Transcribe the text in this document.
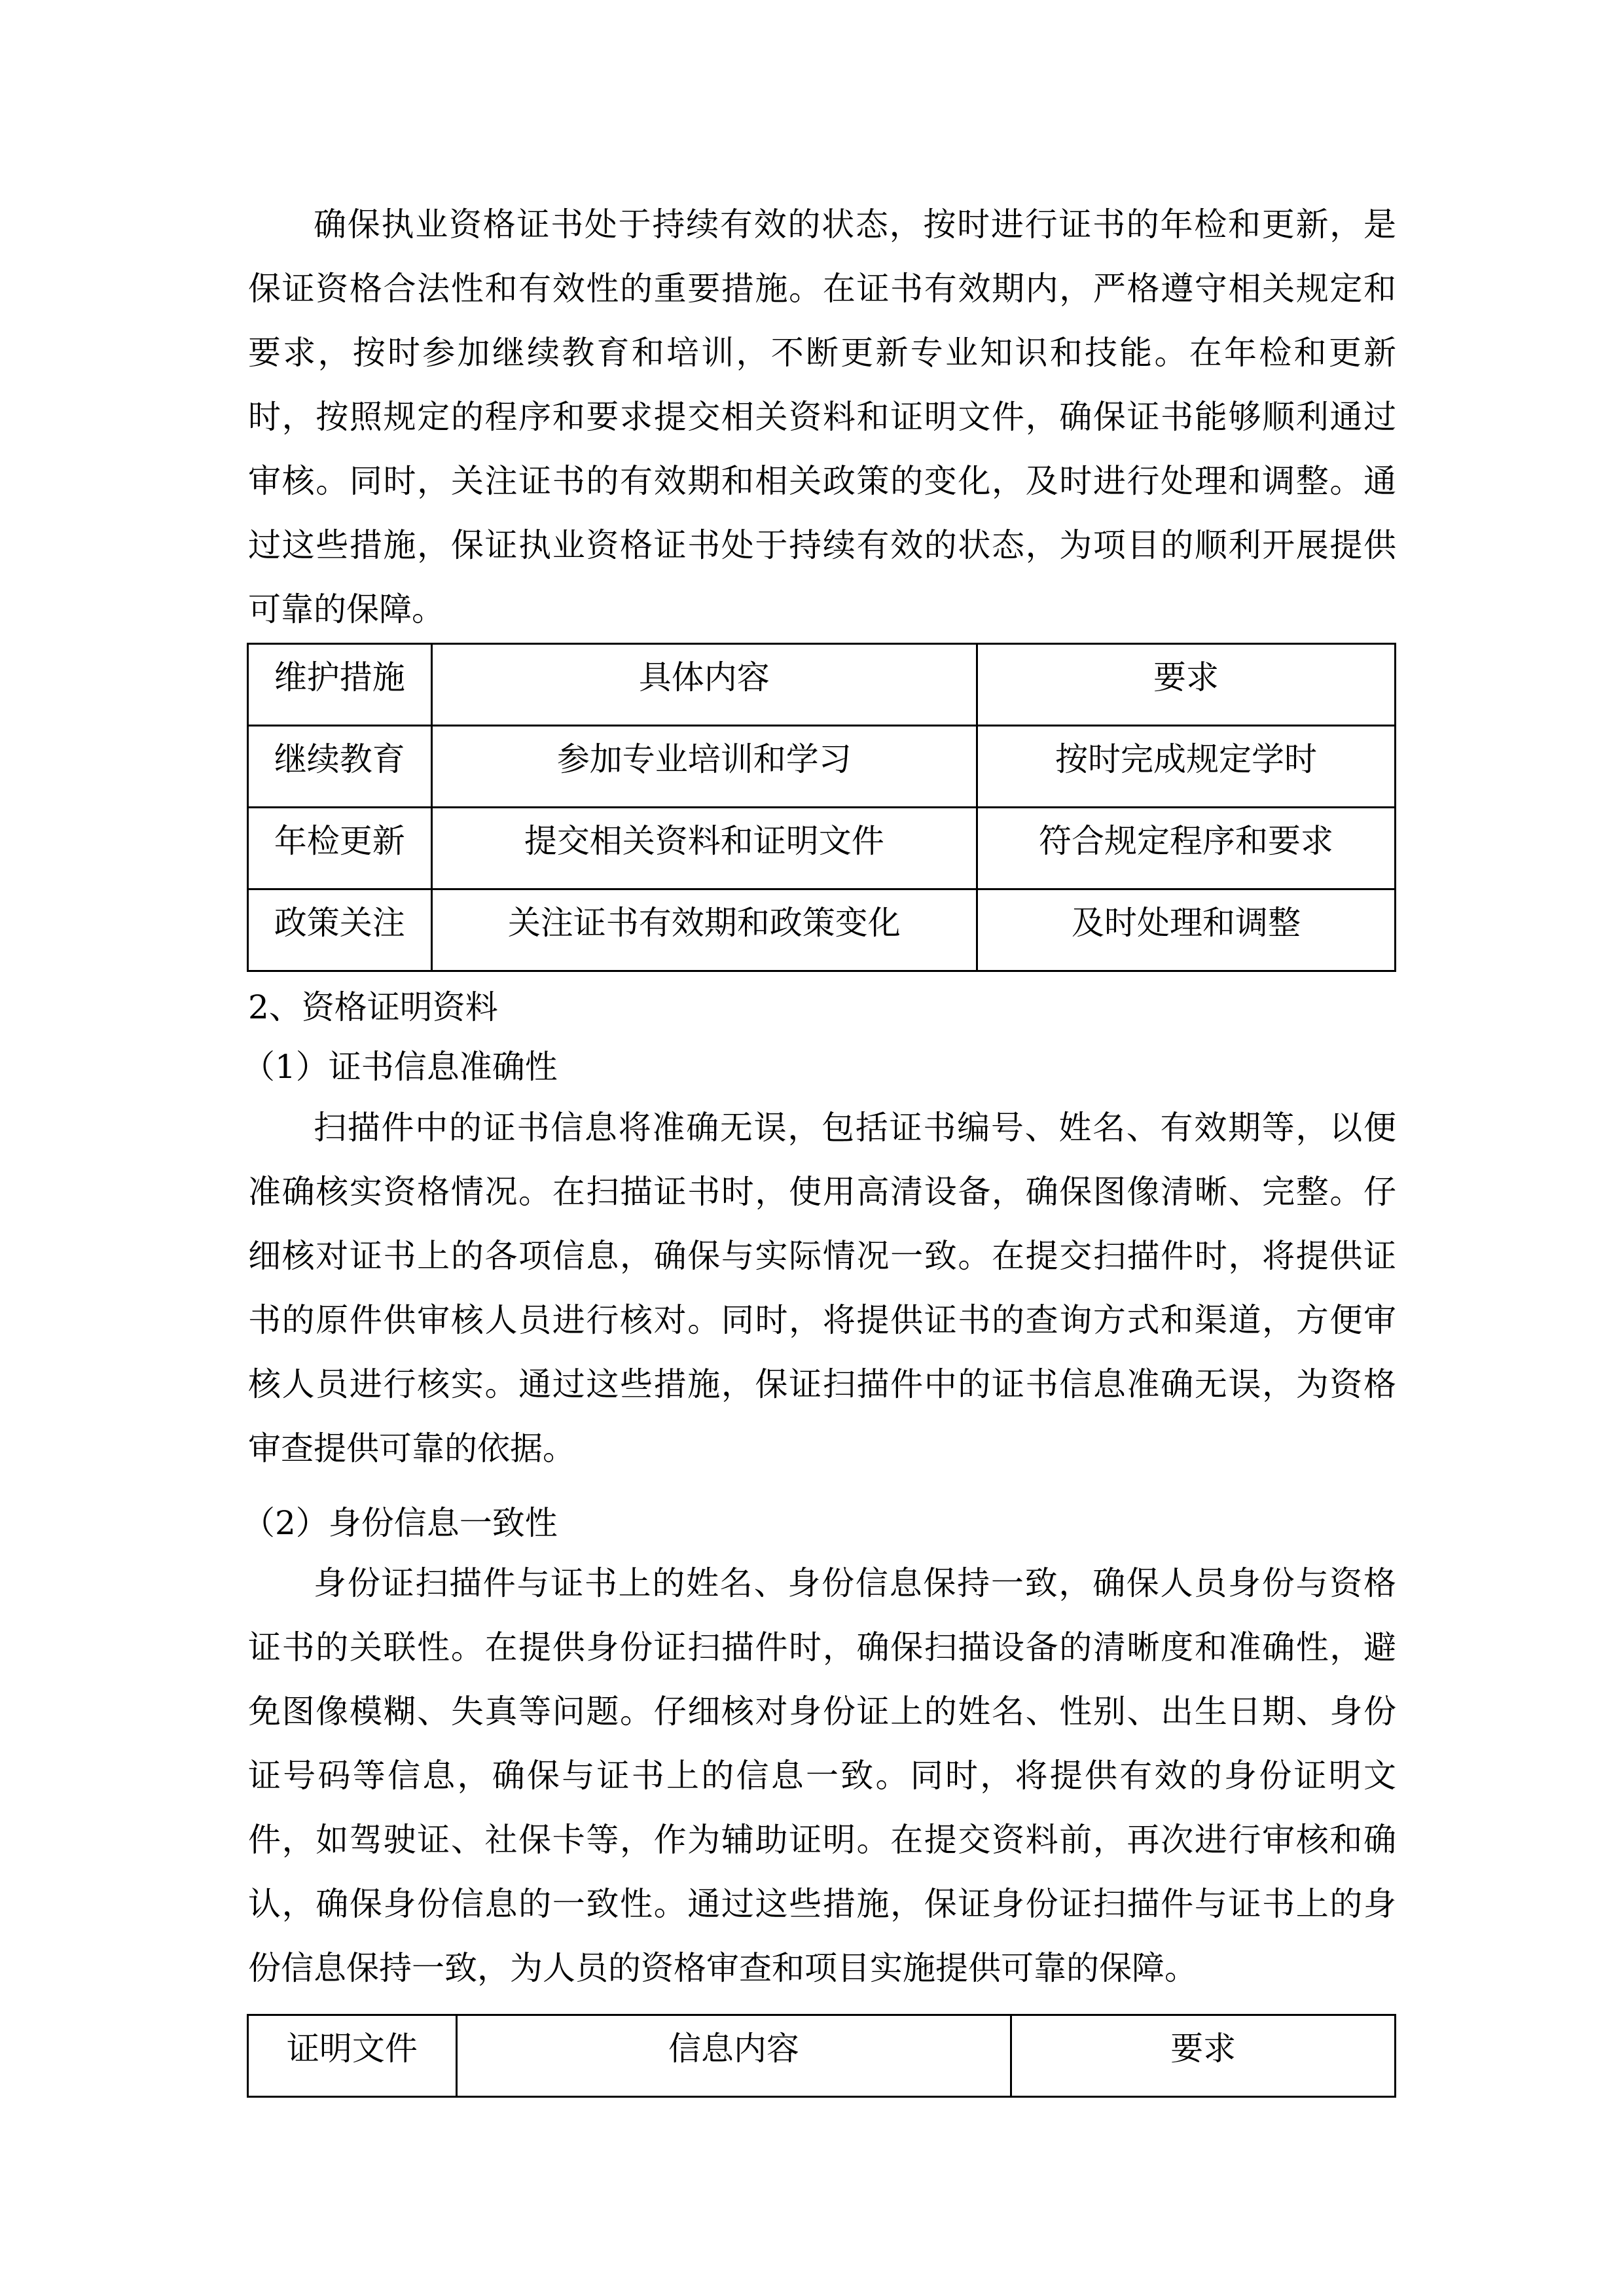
确保执业资格证书处于持续有效的状态，按时进行证书的年检和更新，是
保证资格合法性和有效性的重要措施。在证书有效期内，严格遵守相关规定和
要求，按时参加继续教育和培训，不断更新专业知识和技能。在年检和更新
时，按照规定的程序和要求提交相关资料和证明文件，确保证书能够顺利通过
审核。同时，关注证书的有效期和相关政策的变化，及时进行处理和调整。通
过这些措施，保证执业资格证书处于持续有效的状态，为项目的顺利开展提供
可靠的保障。
维护措施	具体内容	要求
继续教育	参加专业培训和学习	按时完成规定学时
年检更新	提交相关资料和证明文件	符合规定程序和要求
政策关注	关注证书有效期和政策变化	及时处理和调整
2、资格证明资料
（1）证书信息准确性
扫描件中的证书信息将准确无误，包括证书编号、姓名、有效期等，以便
准确核实资格情况。在扫描证书时，使用高清设备，确保图像清晰、完整。仔
细核对证书上的各项信息，确保与实际情况一致。在提交扫描件时，将提供证
书的原件供审核人员进行核对。同时，将提供证书的查询方式和渠道，方便审
核人员进行核实。通过这些措施，保证扫描件中的证书信息准确无误，为资格
审查提供可靠的依据。
（2）身份信息一致性
身份证扫描件与证书上的姓名、身份信息保持一致，确保人员身份与资格
证书的关联性。在提供身份证扫描件时，确保扫描设备的清晰度和准确性，避
免图像模糊、失真等问题。仔细核对身份证上的姓名、性别、出生日期、身份
证号码等信息，确保与证书上的信息一致。同时，将提供有效的身份证明文
件，如驾驶证、社保卡等，作为辅助证明。在提交资料前，再次进行审核和确
认，确保身份信息的一致性。通过这些措施，保证身份证扫描件与证书上的身
份信息保持一致，为人员的资格审查和项目实施提供可靠的保障。
证明文件	信息内容	要求
